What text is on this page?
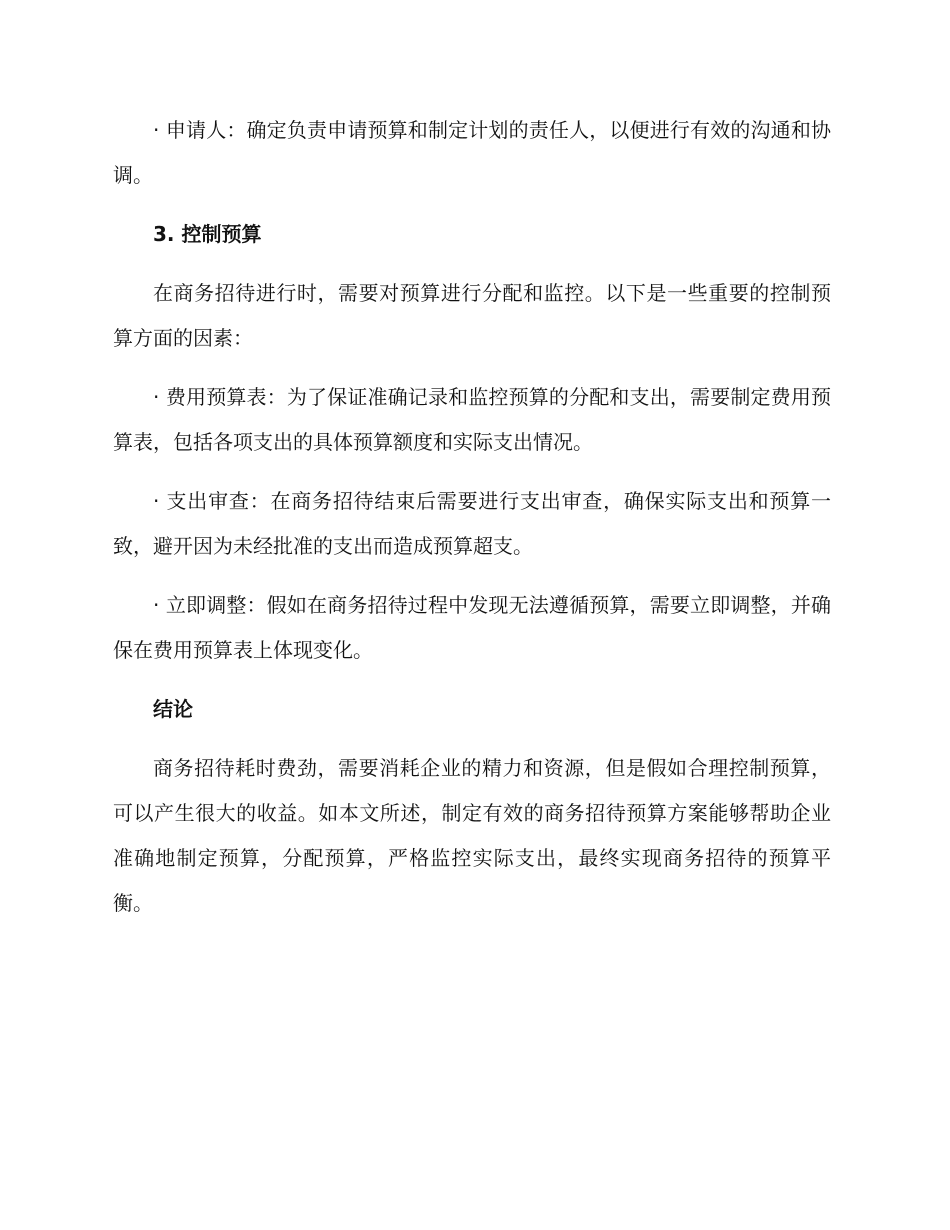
· 申请人：确定负责申请预算和制定计划的责任人，以便进行有效的沟通和协调。

3. 控制预算

在商务招待进行时，需要对预算进行分配和监控。以下是一些重要的控制预算方面的因素：

· 费用预算表：为了保证准确记录和监控预算的分配和支出，需要制定费用预算表，包括各项支出的具体预算额度和实际支出情况。

· 支出审查：在商务招待结束后需要进行支出审查，确保实际支出和预算一致，避开因为未经批准的支出而造成预算超支。

· 立即调整：假如在商务招待过程中发现无法遵循预算，需要立即调整，并确保在费用预算表上体现变化。

结论

商务招待耗时费劲，需要消耗企业的精力和资源，但是假如合理控制预算，可以产生很大的收益。如本文所述，制定有效的商务招待预算方案能够帮助企业准确地制定预算，分配预算，严格监控实际支出，最终实现商务招待的预算平衡。
